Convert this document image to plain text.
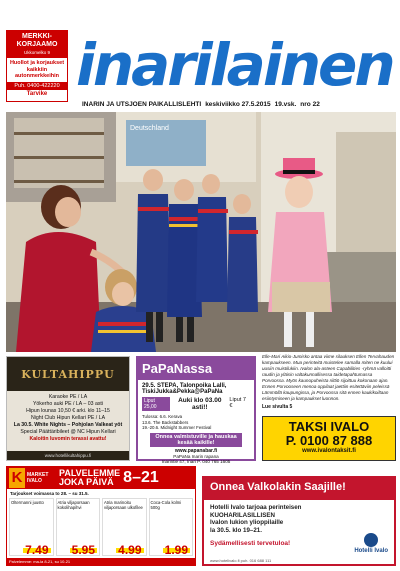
MERKKI-
KORJAAMO
Ukkomelko 9
Huollot ja korjaukset kaikkiin autonmerkkeihin
Puh. 0400-422220
Tarvike inarilainen
INARIN JA UTSJOEN PAIKALLISLEHTI keskiviikko 27.5.2015 19.vsk. nro 22
Deutschland
Elle-Mari Aikio-Jumisko antaa viime silauksen Ellen Tervahauden kampaukseen. Mua perinteitä muistelee samalla miten ne kuului uusiin muistilukiin. Ivalon ala-asteen Capabilities -ryhmä valloitti raudin ja yläisin valtakunnallisessa taidetapahtumassa Porvoossa. Myös kaunopuheista riittiö sijoittuu kokonaan ajan. Ennen Porvooseen menoa oppilaat jaettiin esitettäviin peleissä Lämmöllä kaupungissa, ja Porvoossa sitä ennen kaukikoiltaan esiintymiseen ja kampaukset luonnon.
Lue sivulta 5
KULTAHIPPU
Karaoke PE / LA
Yökerho auki PE / LA – 03 asti
Hipun lounas 10,50 € arki. klo 11–15
Night Club Hipun Kellari PE / LA
La 30.5. White Nights – Pohjolan Valkeat yöt
Special Päättäribileet @ NC Hipun Kellari
Kaloitin luvomin terassi avattu!
www.hotellikultahippu.fi
PaPaNassa
29.5. STEPA, Talonpoika Lalli, TiskiJukka&Pekka@PaPaNa
Liput 25,00
Auki klo 03.00 asti!!
Liput 7 €
Tulossa: 6.6. Kerava
13.6. The Backstabbers
19.-20.6. Midnight Summer Festival
Onnea valmistuville ja hauskaa kesää kaikille!
www.papanabar.fi
PaPaNa Inarin rapana
Inarintie 47, Inari P. 040 765 1605
TAKSI IVALO
P. 0100 87 888
www.ivalontaksit.fi
K MARKET IVALO
PALVELEMME
JOKA PÄIVÄ 8–21
Tarjoukset voimassa to 28. – su 31.5.
Oltermanni juusto
7.49
Atria viljaporsaan kokolihapihvi
5.95
Atria marinoitu viljaporsaan ulkofilee
4.99
Coca-Cola kolmi 500g
1.99
Palvelemme: ma-la 8-21, su 10-21
Onnea Valkolakin Saajille!
Hotelli Ivalo tarjoaa perinteisen
KUOHARILASILLISEN
Ivalon lukion ylioppilaille
la 30.5. klo 19–21.
Sydämellisesti tervetuloa!
Hotelli Ivalo
www.hotelivalo.fi puh. 016 688 111
